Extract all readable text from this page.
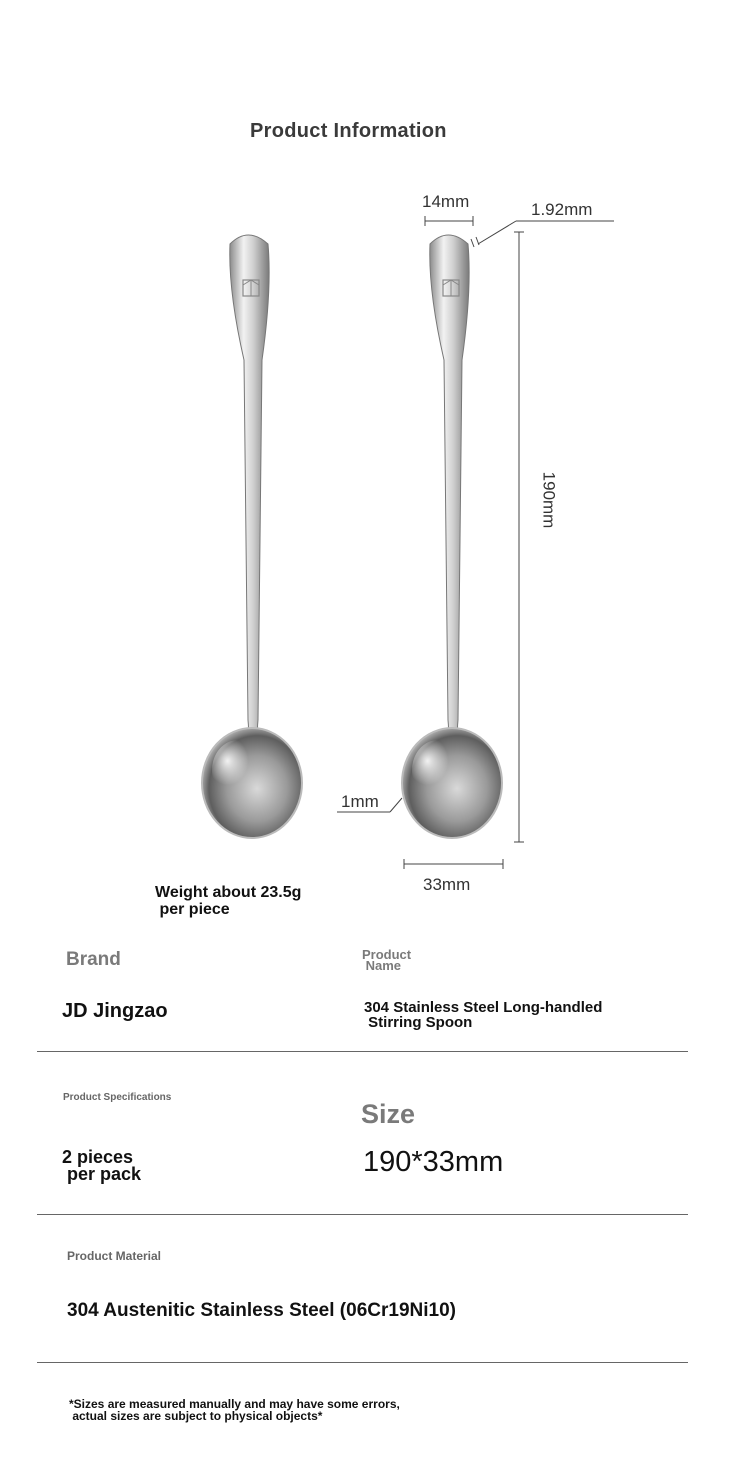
Product Information
14mm	1.92mm
190mm
1mm
33mm
Weight about 23.5g
per piece
Brand
JD Jingzao
Product
Name
304 Stainless Steel Long-handled
Stirring Spoon
Product Specifications
2 pieces
per pack
Size
190*33mm
Product Material
304 Austenitic Stainless Steel (06Cr19Ni10)
*Sizes are measured manually and may have some errors,
actual sizes are subject to physical objects*
